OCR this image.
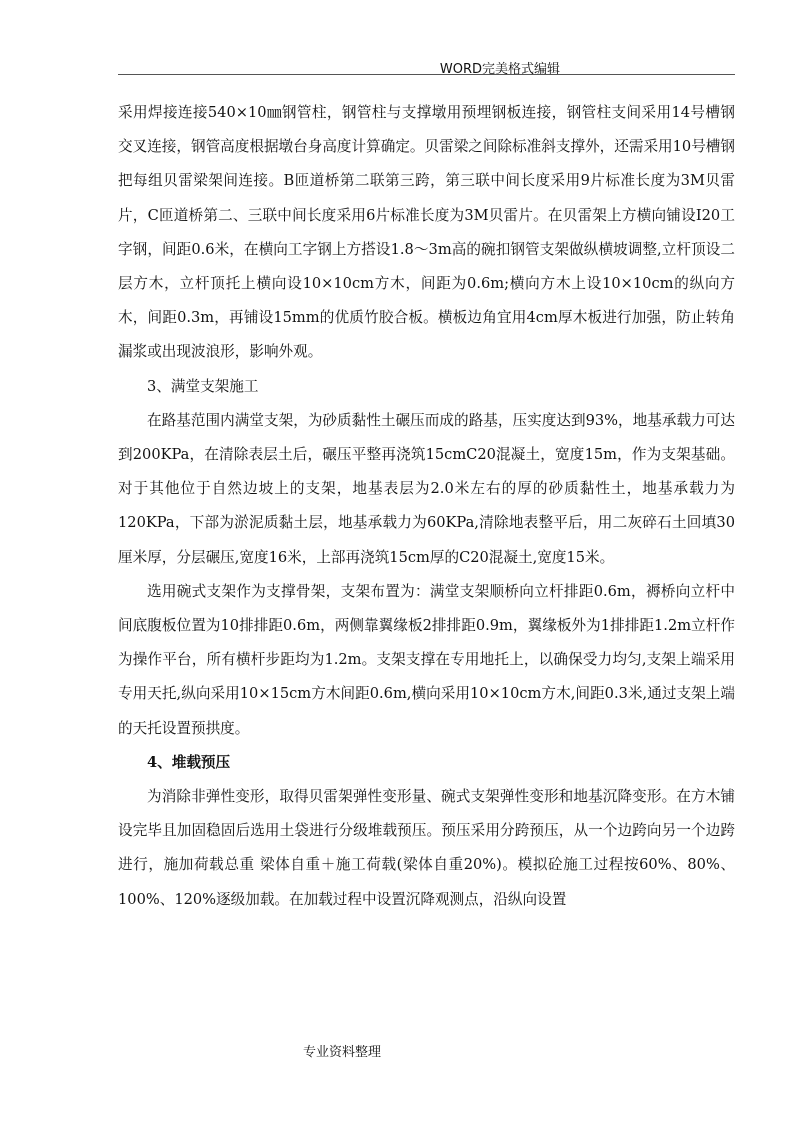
WORD完美格式编辑

采用焊接连接540×10㎜钢管柱，钢管柱与支撑墩用预埋钢板连接，钢管柱支间采用14号槽钢交叉连接，钢管高度根据墩台身高度计算确定。贝雷梁之间除标准斜支撑外，还需采用10号槽钢把每组贝雷梁架间连接。B匝道桥第二联第三跨，第三联中间长度采用9片标准长度为3M贝雷片，C匝道桥第二、三联中间长度采用6片标准长度为3M贝雷片。在贝雷架上方横向铺设I20工字钢，间距0.6米，在横向工字钢上方搭设1.8～3m高的碗扣钢管支架做纵横坡调整,立杆顶设二层方木，立杆顶托上横向设10×10cm方木，间距为0.6m;横向方木上设10×10cm的纵向方木，间距0.3m，再铺设15mm的优质竹胶合板。横板边角宜用4cm厚木板进行加强，防止转角漏浆或出现波浪形，影响外观。

3、满堂支架施工

在路基范围内满堂支架，为砂质黏性土碾压而成的路基，压实度达到93%，地基承载力可达到200KPa，在清除表层土后，碾压平整再浇筑15cmC20混凝土，宽度15m，作为支架基础。对于其他位于自然边坡上的支架，地基表层为2.0米左右的厚的砂质黏性土，地基承载力为120KPa，下部为淤泥质黏土层，地基承载力为60KPa,清除地表整平后，用二灰碎石土回填30厘米厚，分层碾压,宽度16米，上部再浇筑15cm厚的C20混凝土,宽度15米。

选用碗式支架作为支撑骨架，支架布置为：满堂支架顺桥向立杆排距0.6m，褥桥向立杆中间底腹板位置为10排排距0.6m，两侧靠翼缘板2排排距0.9m，翼缘板外为1排排距1.2m立杆作为操作平台，所有横杆步距均为1.2m。支架支撑在专用地托上，以确保受力均匀,支架上端采用专用天托,纵向采用10×15cm方木间距0.6m,横向采用10×10cm方木,间距0.3米,通过支架上端的天托设置预拱度。

4、堆载预压

为消除非弹性变形，取得贝雷架弹性变形量、碗式支架弹性变形和地基沉降变形。在方木铺设完毕且加固稳固后选用土袋进行分级堆载预压。预压采用分跨预压，从一个边跨向另一个边跨进行，施加荷载总重 梁体自重＋施工荷载(梁体自重20%)。模拟砼施工过程按60%、80%、100%、120%逐级加载。在加载过程中设置沉降观测点，沿纵向设置

专业资料整理
